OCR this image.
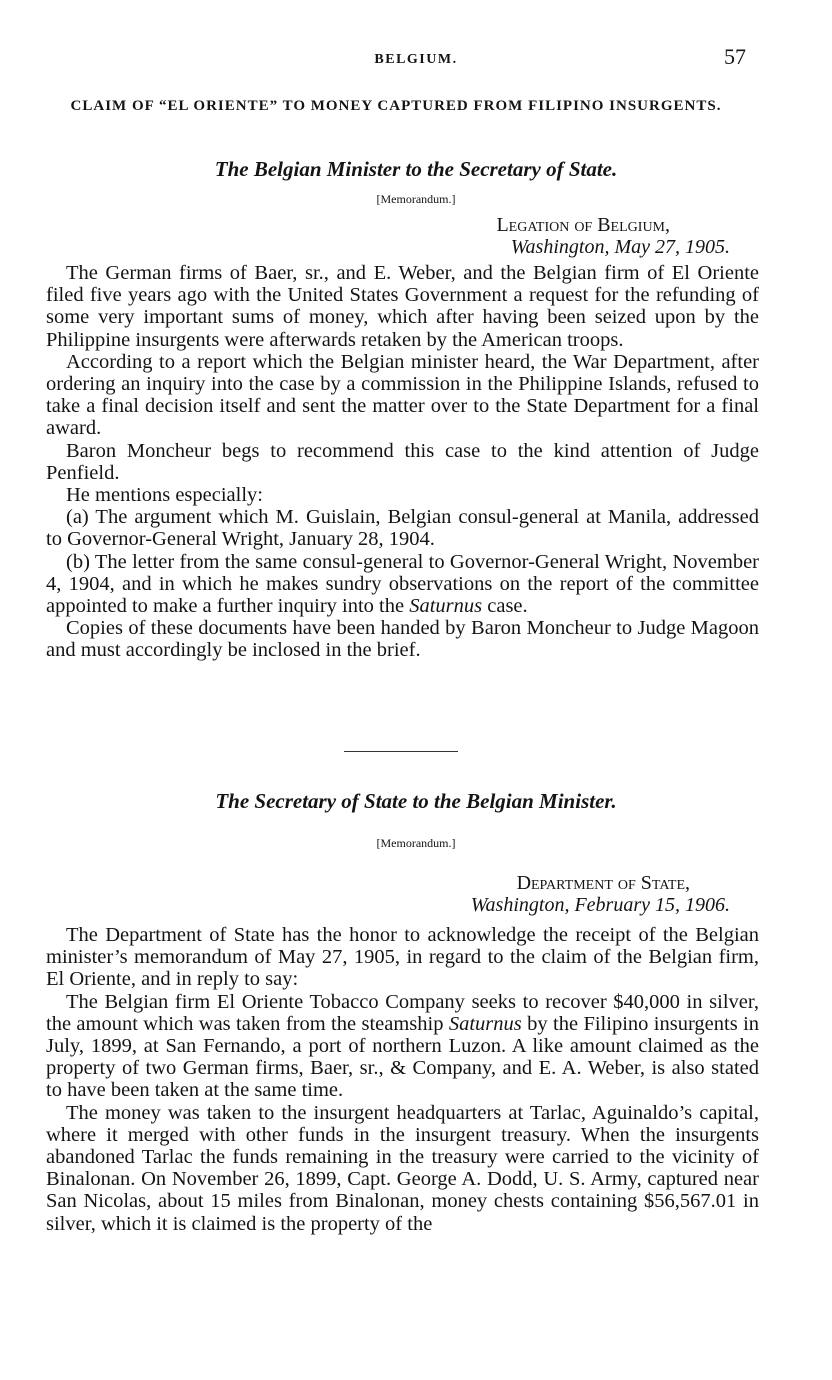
BELGIUM.	57
CLAIM OF “EL ORIENTE” TO MONEY CAPTURED FROM FILIPINO INSURGENTS.
The Belgian Minister to the Secretary of State.
[Memorandum.]
Legation of Belgium,
Washington, May 27, 1905.

The German firms of Baer, sr., and E. Weber, and the Belgian firm of El Oriente filed five years ago with the United States Government a request for the refunding of some very important sums of money, which after having been seized upon by the Philippine insurgents were afterwards retaken by the American troops.

According to a report which the Belgian minister heard, the War Department, after ordering an inquiry into the case by a commission in the Philippine Islands, refused to take a final decision itself and sent the matter over to the State Department for a final award.

Baron Moncheur begs to recommend this case to the kind attention of Judge Penfield.

He mentions especially:

(a) The argument which M. Guislain, Belgian consul-general at Manila, addressed to Governor-General Wright, January 28, 1904.

(b) The letter from the same consul-general to Governor-General Wright, November 4, 1904, and in which he makes sundry observations on the report of the committee appointed to make a further inquiry into the Saturnus case.

Copies of these documents have been handed by Baron Moncheur to Judge Magoon and must accordingly be inclosed in the brief.

The Secretary of State to the Belgian Minister.
[Memorandum.]
Department of State,
Washington, February 15, 1906.

The Department of State has the honor to acknowledge the receipt of the Belgian minister’s memorandum of May 27, 1905, in regard to the claim of the Belgian firm, El Oriente, and in reply to say:

The Belgian firm El Oriente Tobacco Company seeks to recover $40,000 in silver, the amount which was taken from the steamship Saturnus by the Filipino insurgents in July, 1899, at San Fernando, a port of northern Luzon. A like amount claimed as the property of two German firms, Baer, sr., & Company, and E. A. Weber, is also stated to have been taken at the same time.

The money was taken to the insurgent headquarters at Tarlac, Aguinaldo’s capital, where it merged with other funds in the insurgent treasury. When the insurgents abandoned Tarlac the funds remaining in the treasury were carried to the vicinity of Binalonan. On November 26, 1899, Capt. George A. Dodd, U. S. Army, captured near San Nicolas, about 15 miles from Binalonan, money chests containing $56,567.01 in silver, which it is claimed is the property of the
